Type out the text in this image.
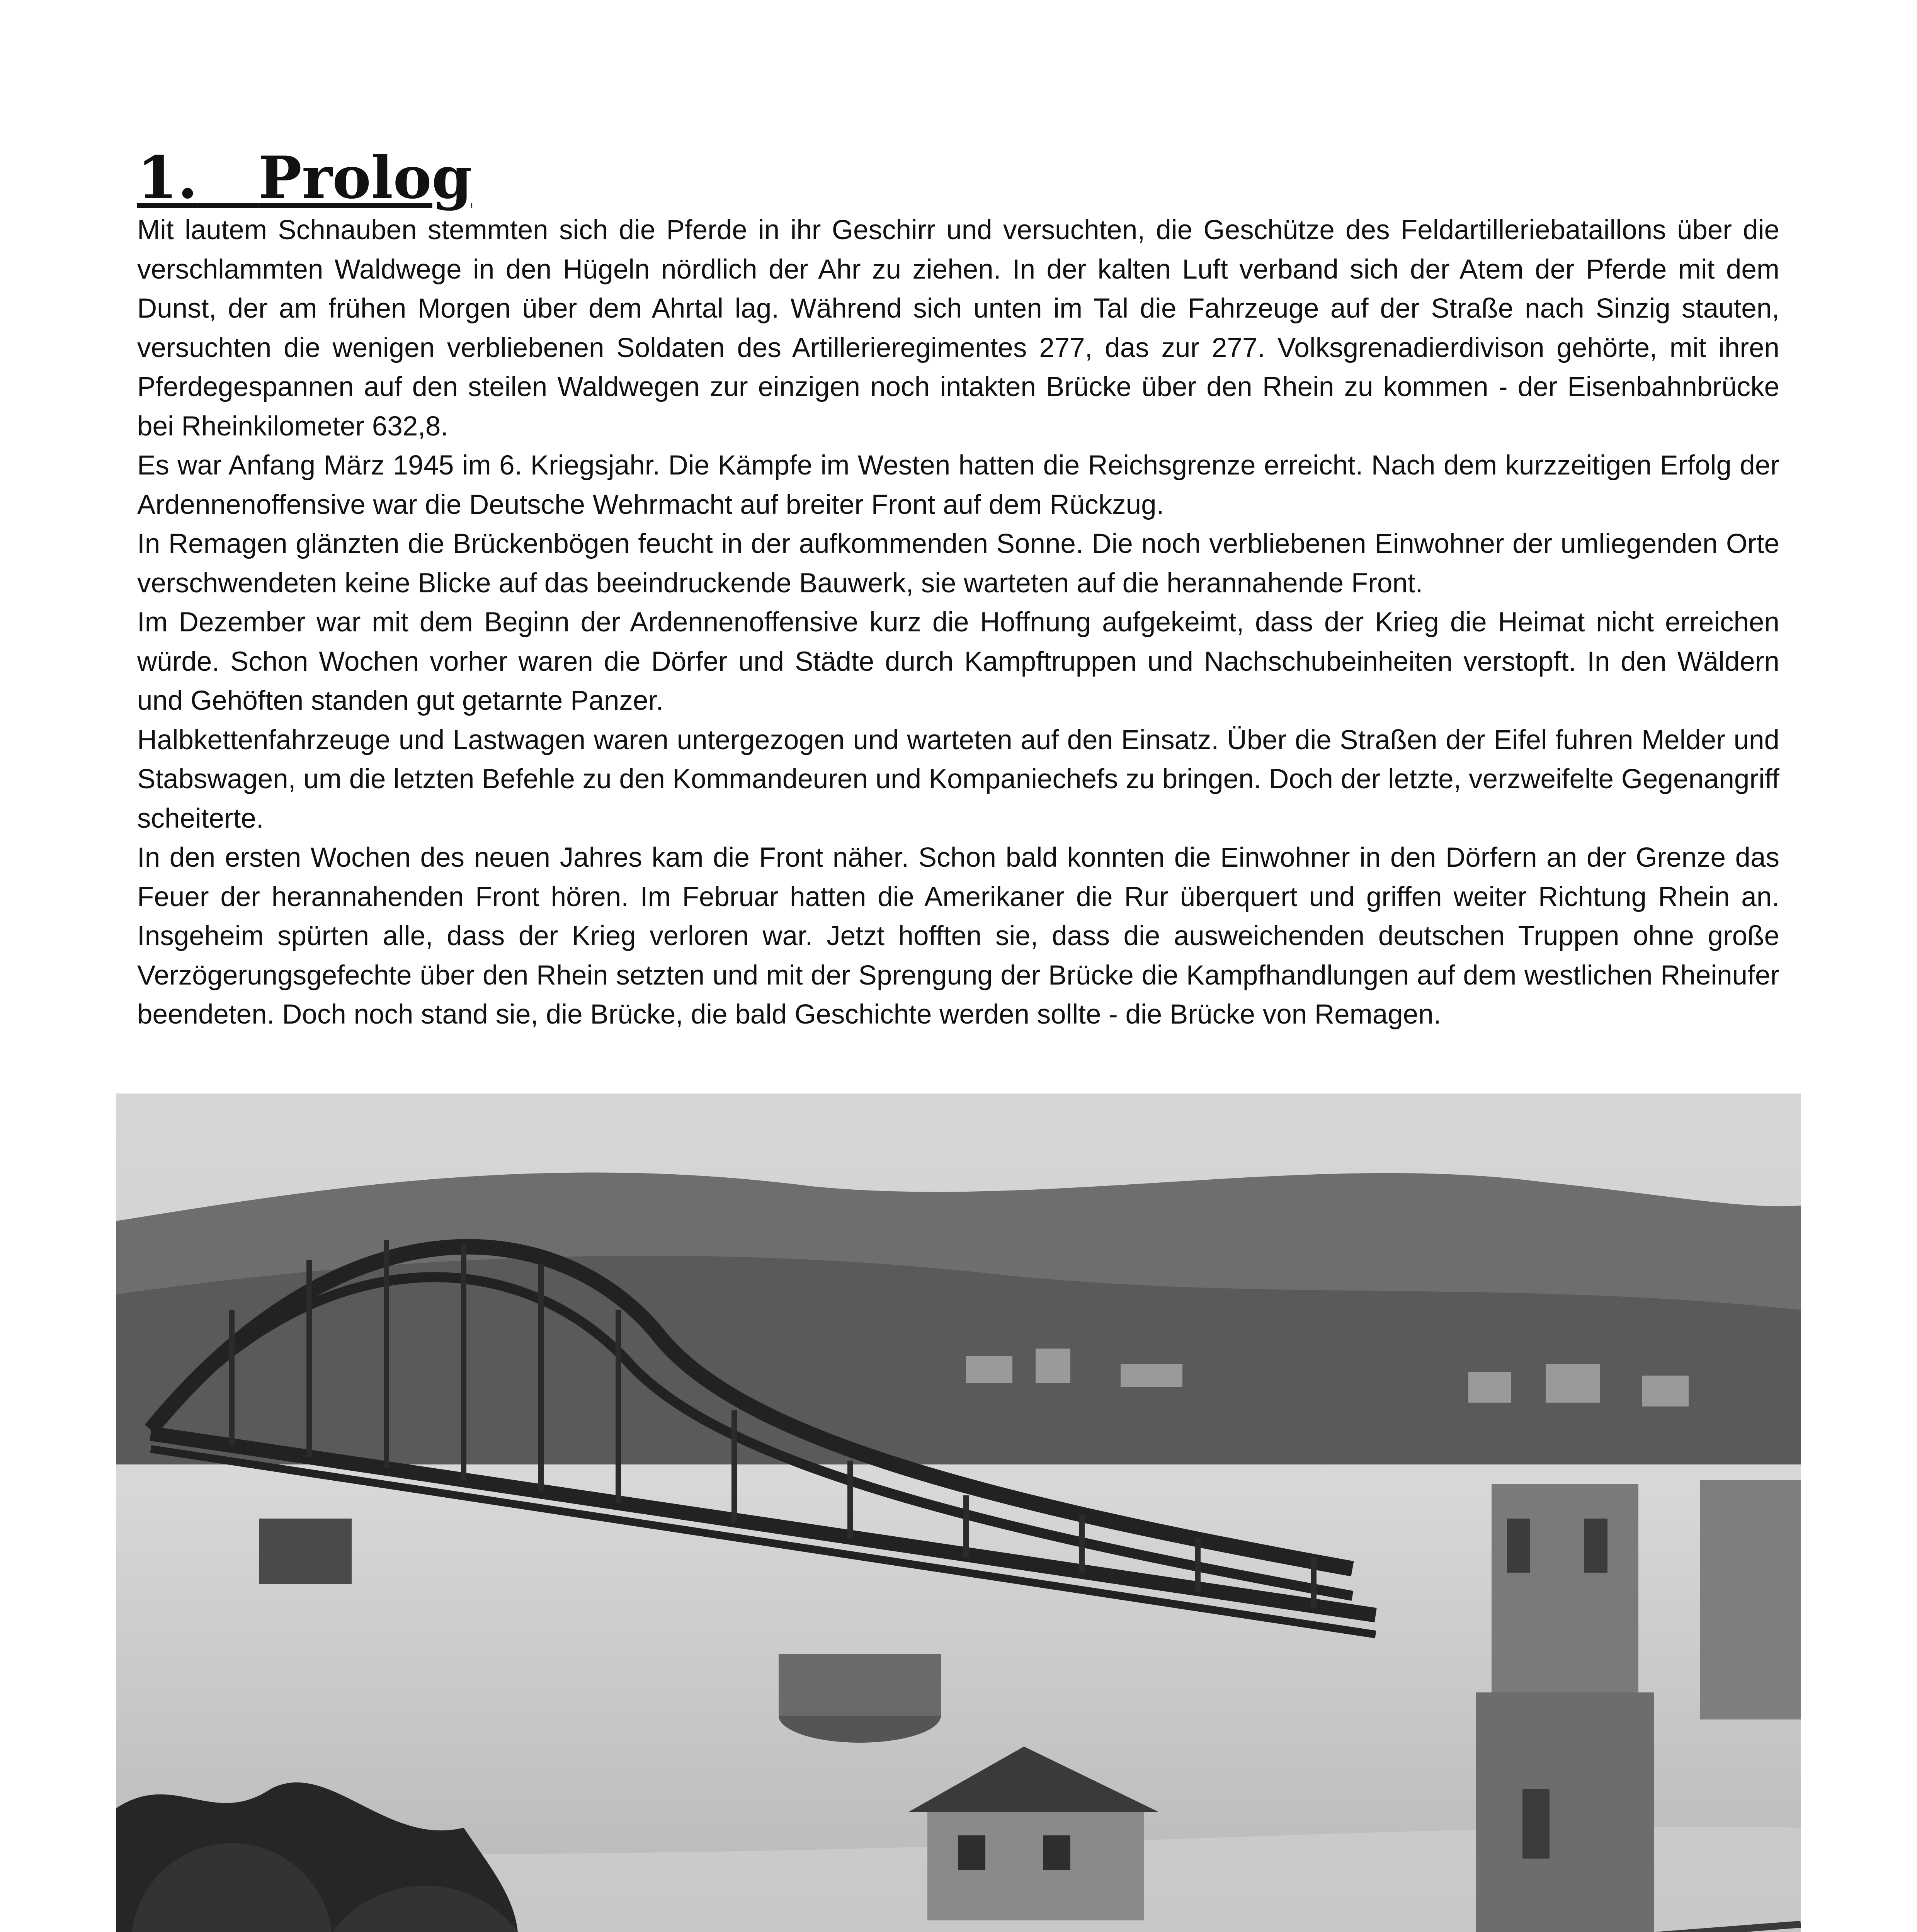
1. Prolog

Mit lautem Schnauben stemmten sich die Pferde in ihr Geschirr und versuchten, die Geschütze des Feldartilleriebataillons über die verschlammten Waldwege in den Hügeln nördlich der Ahr zu ziehen. In der kalten Luft verband sich der Atem der Pferde mit dem Dunst, der am frühen Morgen über dem Ahrtal lag. Während sich unten im Tal die Fahrzeuge auf der Straße nach Sinzig stauten, versuchten die wenigen verbliebenen Soldaten des Artillerieregimentes 277, das zur 277. Volksgrenadierdivison gehörte, mit ihren Pferdegespannen auf den steilen Waldwegen zur einzigen noch intakten Brücke über den Rhein zu kommen - der Eisenbahnbrücke bei Rheinkilometer 632,8.

Es war Anfang März 1945 im 6. Kriegsjahr. Die Kämpfe im Westen hatten die Reichsgrenze erreicht. Nach dem kurzzeitigen Erfolg der Ardennenoffensive war die Deutsche Wehrmacht auf breiter Front auf dem Rückzug.

In Remagen glänzten die Brückenbögen feucht in der aufkommenden Sonne. Die noch verbliebenen Einwohner der umliegenden Orte verschwendeten keine Blicke auf das beeindruckende Bauwerk, sie warteten auf die herannahende Front.

Im Dezember war mit dem Beginn der Ardennenoffensive kurz die Hoffnung aufgekeimt, dass der Krieg die Heimat nicht erreichen würde. Schon Wochen vorher waren die Dörfer und Städte durch Kampftruppen und Nachschubeinheiten verstopft. In den Wäldern und Gehöften standen gut getarnte Panzer.

Halbkettenfahrzeuge und Lastwagen waren untergezogen und warteten auf den Einsatz. Über die Straßen der Eifel fuhren Melder und Stabswagen, um die letzten Befehle zu den Kommandeuren und Kompaniechefs zu bringen. Doch der letzte, verzweifelte Gegenangriff scheiterte.

In den ersten Wochen des neuen Jahres kam die Front näher. Schon bald konnten die Einwohner in den Dörfern an der Grenze das Feuer der herannahenden Front hören. Im Februar hatten die Amerikaner die Rur überquert und griffen weiter Richtung Rhein an. Insgeheim spürten alle, dass der Krieg verloren war. Jetzt hofften sie, dass die ausweichenden deutschen Truppen ohne große Verzögerungsgefechte über den Rhein setzten und mit der Sprengung der Brücke die Kampfhandlungen auf dem westlichen Rheinufer beendeten. Doch noch stand sie, die Brücke, die bald Geschichte werden sollte - die Brücke von Remagen.
